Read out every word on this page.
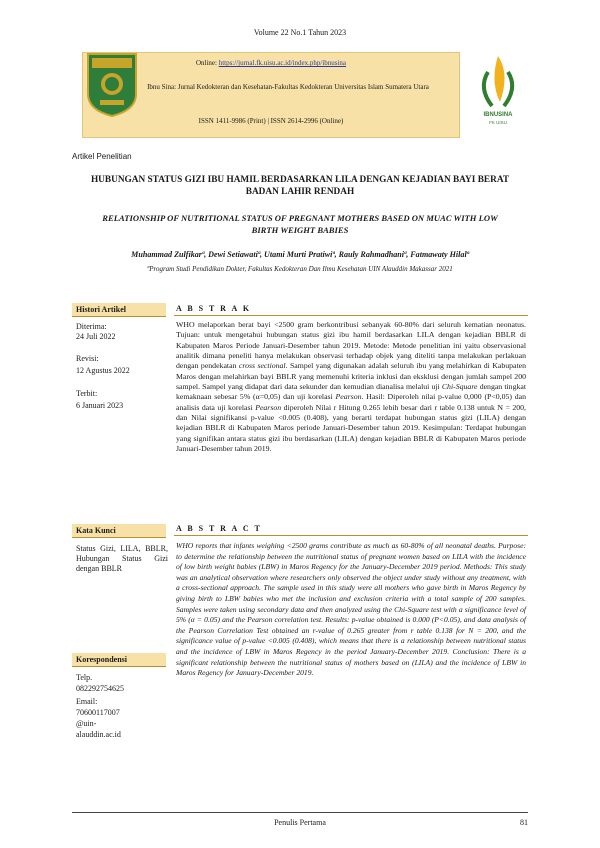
Volume 22 No.1 Tahun 2023
Online: https://jurnal.fk.uisu.ac.id/index.php/ibnusina
Ibnu Sina: Jurnal Kedokteran dan Kesehatan-Fakultas Kedokteran Universitas Islam Sumatera Utara
ISSN 1411-9986 (Print) | ISSN 2614-2996 (Online)
IBNUSINA
FK UISU
Artikel Penelitian
HUBUNGAN STATUS GIZI IBU HAMIL BERDASARKAN LILA DENGAN KEJADIAN BAYI BERAT BADAN LAHIR RENDAH
RELATIONSHIP OF NUTRITIONAL STATUS OF PREGNANT MOTHERS BASED ON MUAC WITH LOW BIRTH WEIGHT BABIES
Muhammad Zulfikarª, Dewi Setiawatiª, Utami Murti Pratiwiª, Rauly Rahmadhaniª, Fatmawaty Hilalª
ªProgram Studi Pendidikan Dokter, Fakultas Kedokteran Dan Ilmu Kesehatan UIN Alauddin Makassar 2021
Histori Artikel
Diterima:
24 Juli 2022
Revisi:
12 Agustus 2022
Terbit:
6 Januari 2023
Kata Kunci
Status Gizi, LILA, BBLR, Hubungan Status Gizi dengan BBLR
Korespondensi
Telp.
082292754625
Email:
70600117007
@uin-
alauddin.ac.id
A B S T R A K
WHO melaporkan berat bayi <2500 gram berkontribusi sebanyak 60-80% dari seluruh kematian neonatus. Tujuan: untuk mengetahui hubungan status gizi ibu hamil berdasarkan LILA dengan kejadian BBLR di Kabupaten Maros Periode Januari-Desember tahun 2019. Metode: Metode penelitian ini yaitu observasional analitik dimana peneliti hanya melakukan observasi terhadap objek yang diteliti tanpa melakukan perlakuan dengan pendekatan cross sectional. Sampel yang digunakan adalah seluruh ibu yang melahirkan di Kabupaten Maros dengan melahirkan bayi BBLR yang memenuhi kriteria inklusi dan eksklusi dengan jumlah sampel 200 sampel. Sampel yang didapat dari data sekunder dan kemudian dianalisa melalui uji Chi-Square dengan tingkat kemaknaan sebesar 5% (α=0,05) dan uji korelasi Pearson. Hasil: Diperoleh nilai p-value 0,000 (P<0,05) dan analisis data uji korelasi Pearson diperoleh Nilai r Hitung 0.265 lebih besar dari r table 0.138 untuk N = 200, dan Nilai signifikansi p-value <0.005 (0.408), yang berarti terdapat hubungan status gizi (LILA) dengan kejadian BBLR di Kabupaten Maros periode Januari-Desember tahun 2019. Kesimpulan: Terdapat hubungan yang signifikan antara status gizi ibu berdasarkan (LILA) dengan kejadian BBLR di Kabupaten Maros periode Januari-Desember tahun 2019.
A B S T R A C T
WHO reports that infants weighing <2500 grams contribute as much as 60-80% of all neonatal deaths. Purpose: to determine the relationship between the nutritional status of pregnant women based on LILA with the incidence of low birth weight babies (LBW) in Maros Regency for the January-December 2019 period. Methods: This study was an analytical observation where researchers only observed the object under study without any treatment, with a cross-sectional approach. The sample used in this study were all mothers who gave birth in Maros Regency by giving birth to LBW babies who met the inclusion and exclusion criteria with a total sample of 200 samples. Samples were taken using secondary data and then analyzed using the Chi-Square test with a significance level of 5% (α = 0.05) and the Pearson correlation test. Results: p-value obtained is 0.000 (P<0.05), and data analysis of the Pearson Correlation Test obtained an r-value of 0.265 greater from r table 0.138 for N = 200, and the significance value of p-value <0.005 (0.408), which means that there is a relationship between nutritional status and the incidence of LBW in Maros Regency in the period January-December 2019. Conclusion: There is a significant relationship between the nutritional status of mothers based on (LILA) and the incidence of LBW in Maros Regency for January-December 2019.
Penulis Pertama	81
